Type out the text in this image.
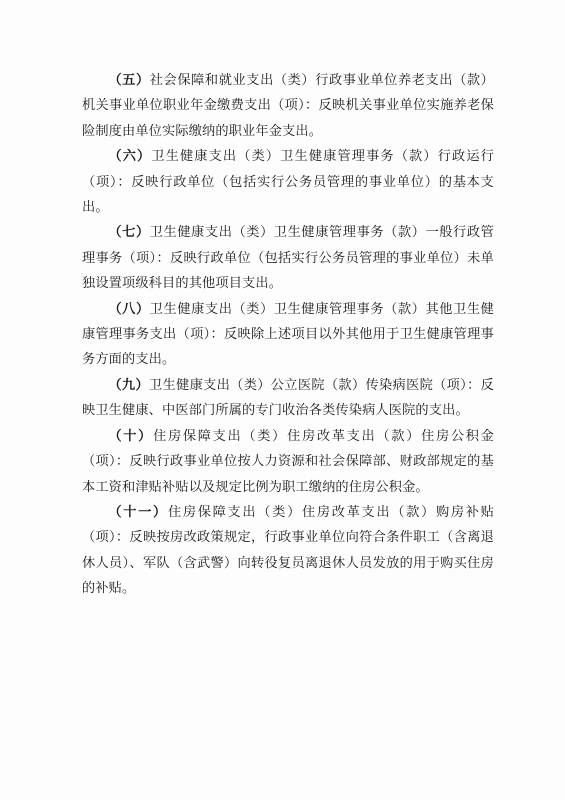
（五）社会保障和就业支出（类）行政事业单位养老支出（款）机关事业单位职业年金缴费支出（项）：反映机关事业单位实施养老保险制度由单位实际缴纳的职业年金支出。

（六）卫生健康支出（类）卫生健康管理事务（款）行政运行（项）：反映行政单位（包括实行公务员管理的事业单位）的基本支出。

（七）卫生健康支出（类）卫生健康管理事务（款）一般行政管理事务（项）：反映行政单位（包括实行公务员管理的事业单位）未单独设置项级科目的其他项目支出。

（八）卫生健康支出（类）卫生健康管理事务（款）其他卫生健康管理事务支出（项）：反映除上述项目以外其他用于卫生健康管理事务方面的支出。

（九）卫生健康支出（类）公立医院（款）传染病医院（项）：反映卫生健康、中医部门所属的专门收治各类传染病人医院的支出。

（十）住房保障支出（类）住房改革支出（款）住房公积金（项）：反映行政事业单位按人力资源和社会保障部、财政部规定的基本工资和津贴补贴以及规定比例为职工缴纳的住房公积金。

（十一）住房保障支出（类）住房改革支出（款）购房补贴（项）：反映按房改政策规定，行政事业单位向符合条件职工（含离退休人员）、军队（含武警）向转役复员离退休人员发放的用于购买住房的补贴。
